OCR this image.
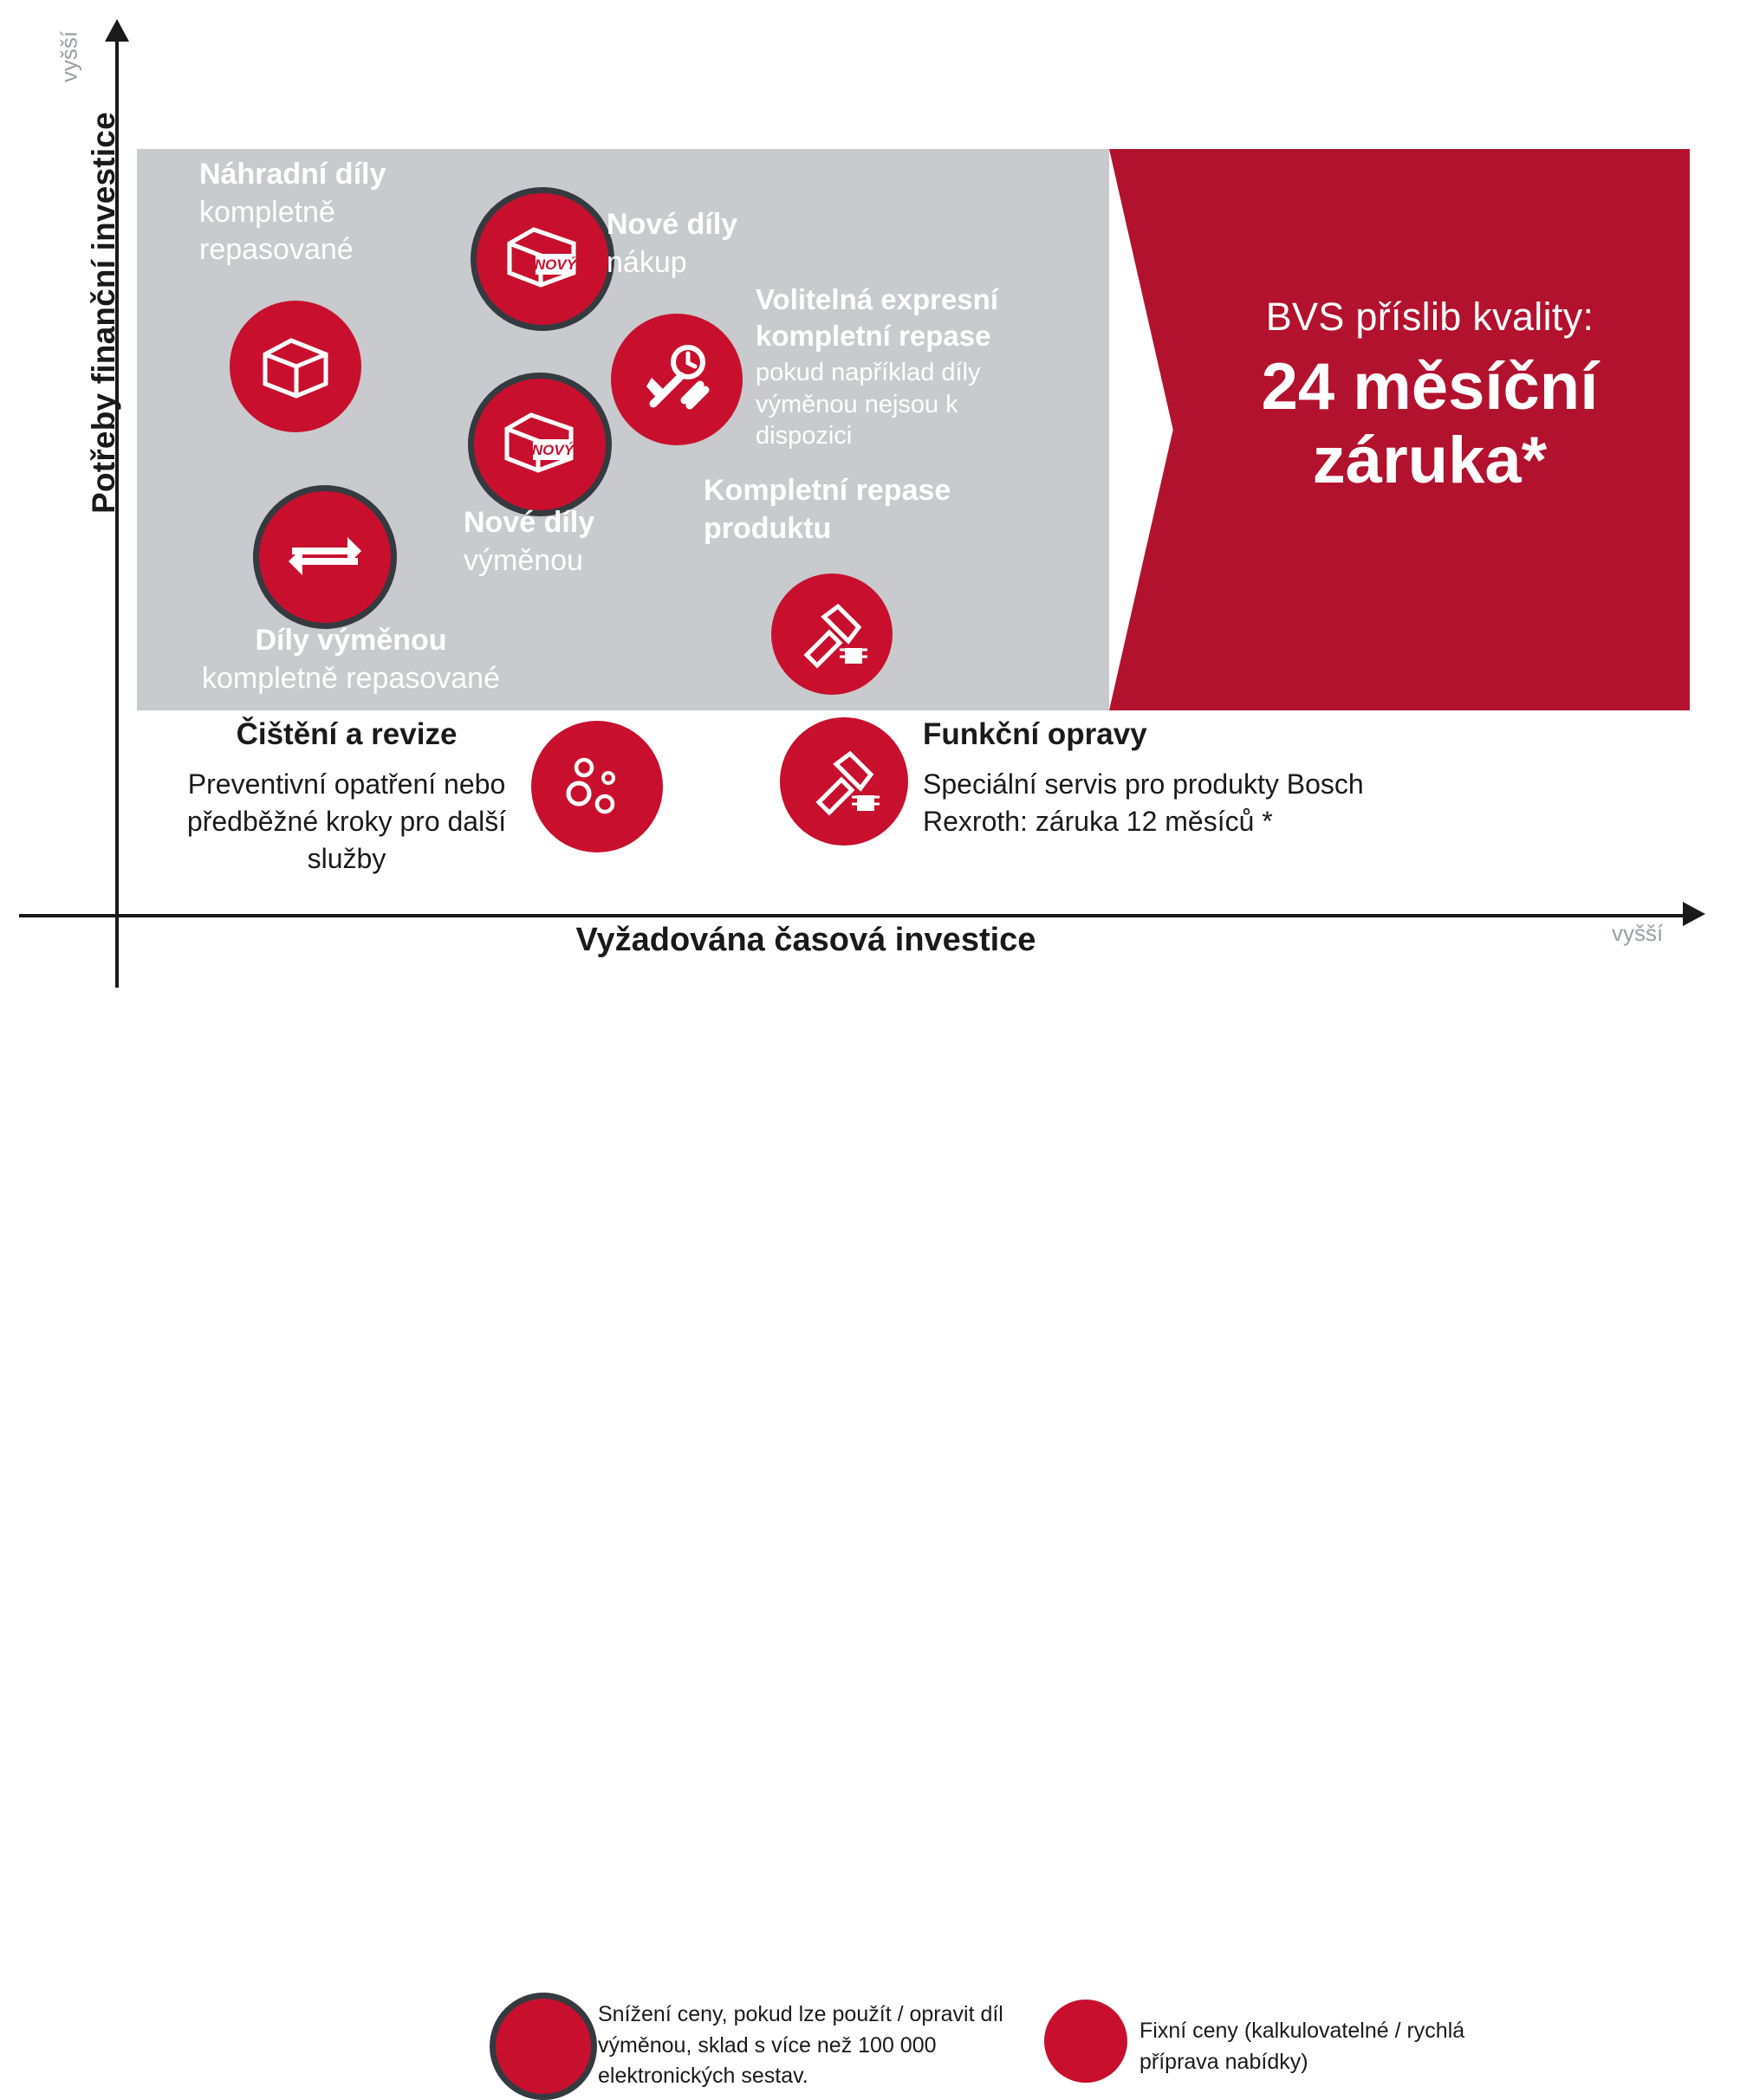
Potřeby finanční investice
vyšší
Vyžadována časová investice	vyšší
BVS příslib kvality:
24 měsíční záruka*
Náhradní díly
kompletně repasované	NOVÝ
Nové díly
nákup
Volitelná expresní kompletní repase
pokud například díly výměnou nejsou k dispozici
NOVÝ
Nové díly
výměnou
Kompletní repase produktu
Díly výměnou
kompletně repasované
Čištění a revize
Preventivní opatření nebo předběžné kroky pro další služby
Funkční opravy
Speciální servis pro produkty Bosch Rexroth: záruka 12 měsíců *
Snížení ceny, pokud lze použít / opravit díl výměnou, sklad s více než 100 000 elektronických sestav.
Fixní ceny (kalkulovatelné / rychlá příprava nabídky)
